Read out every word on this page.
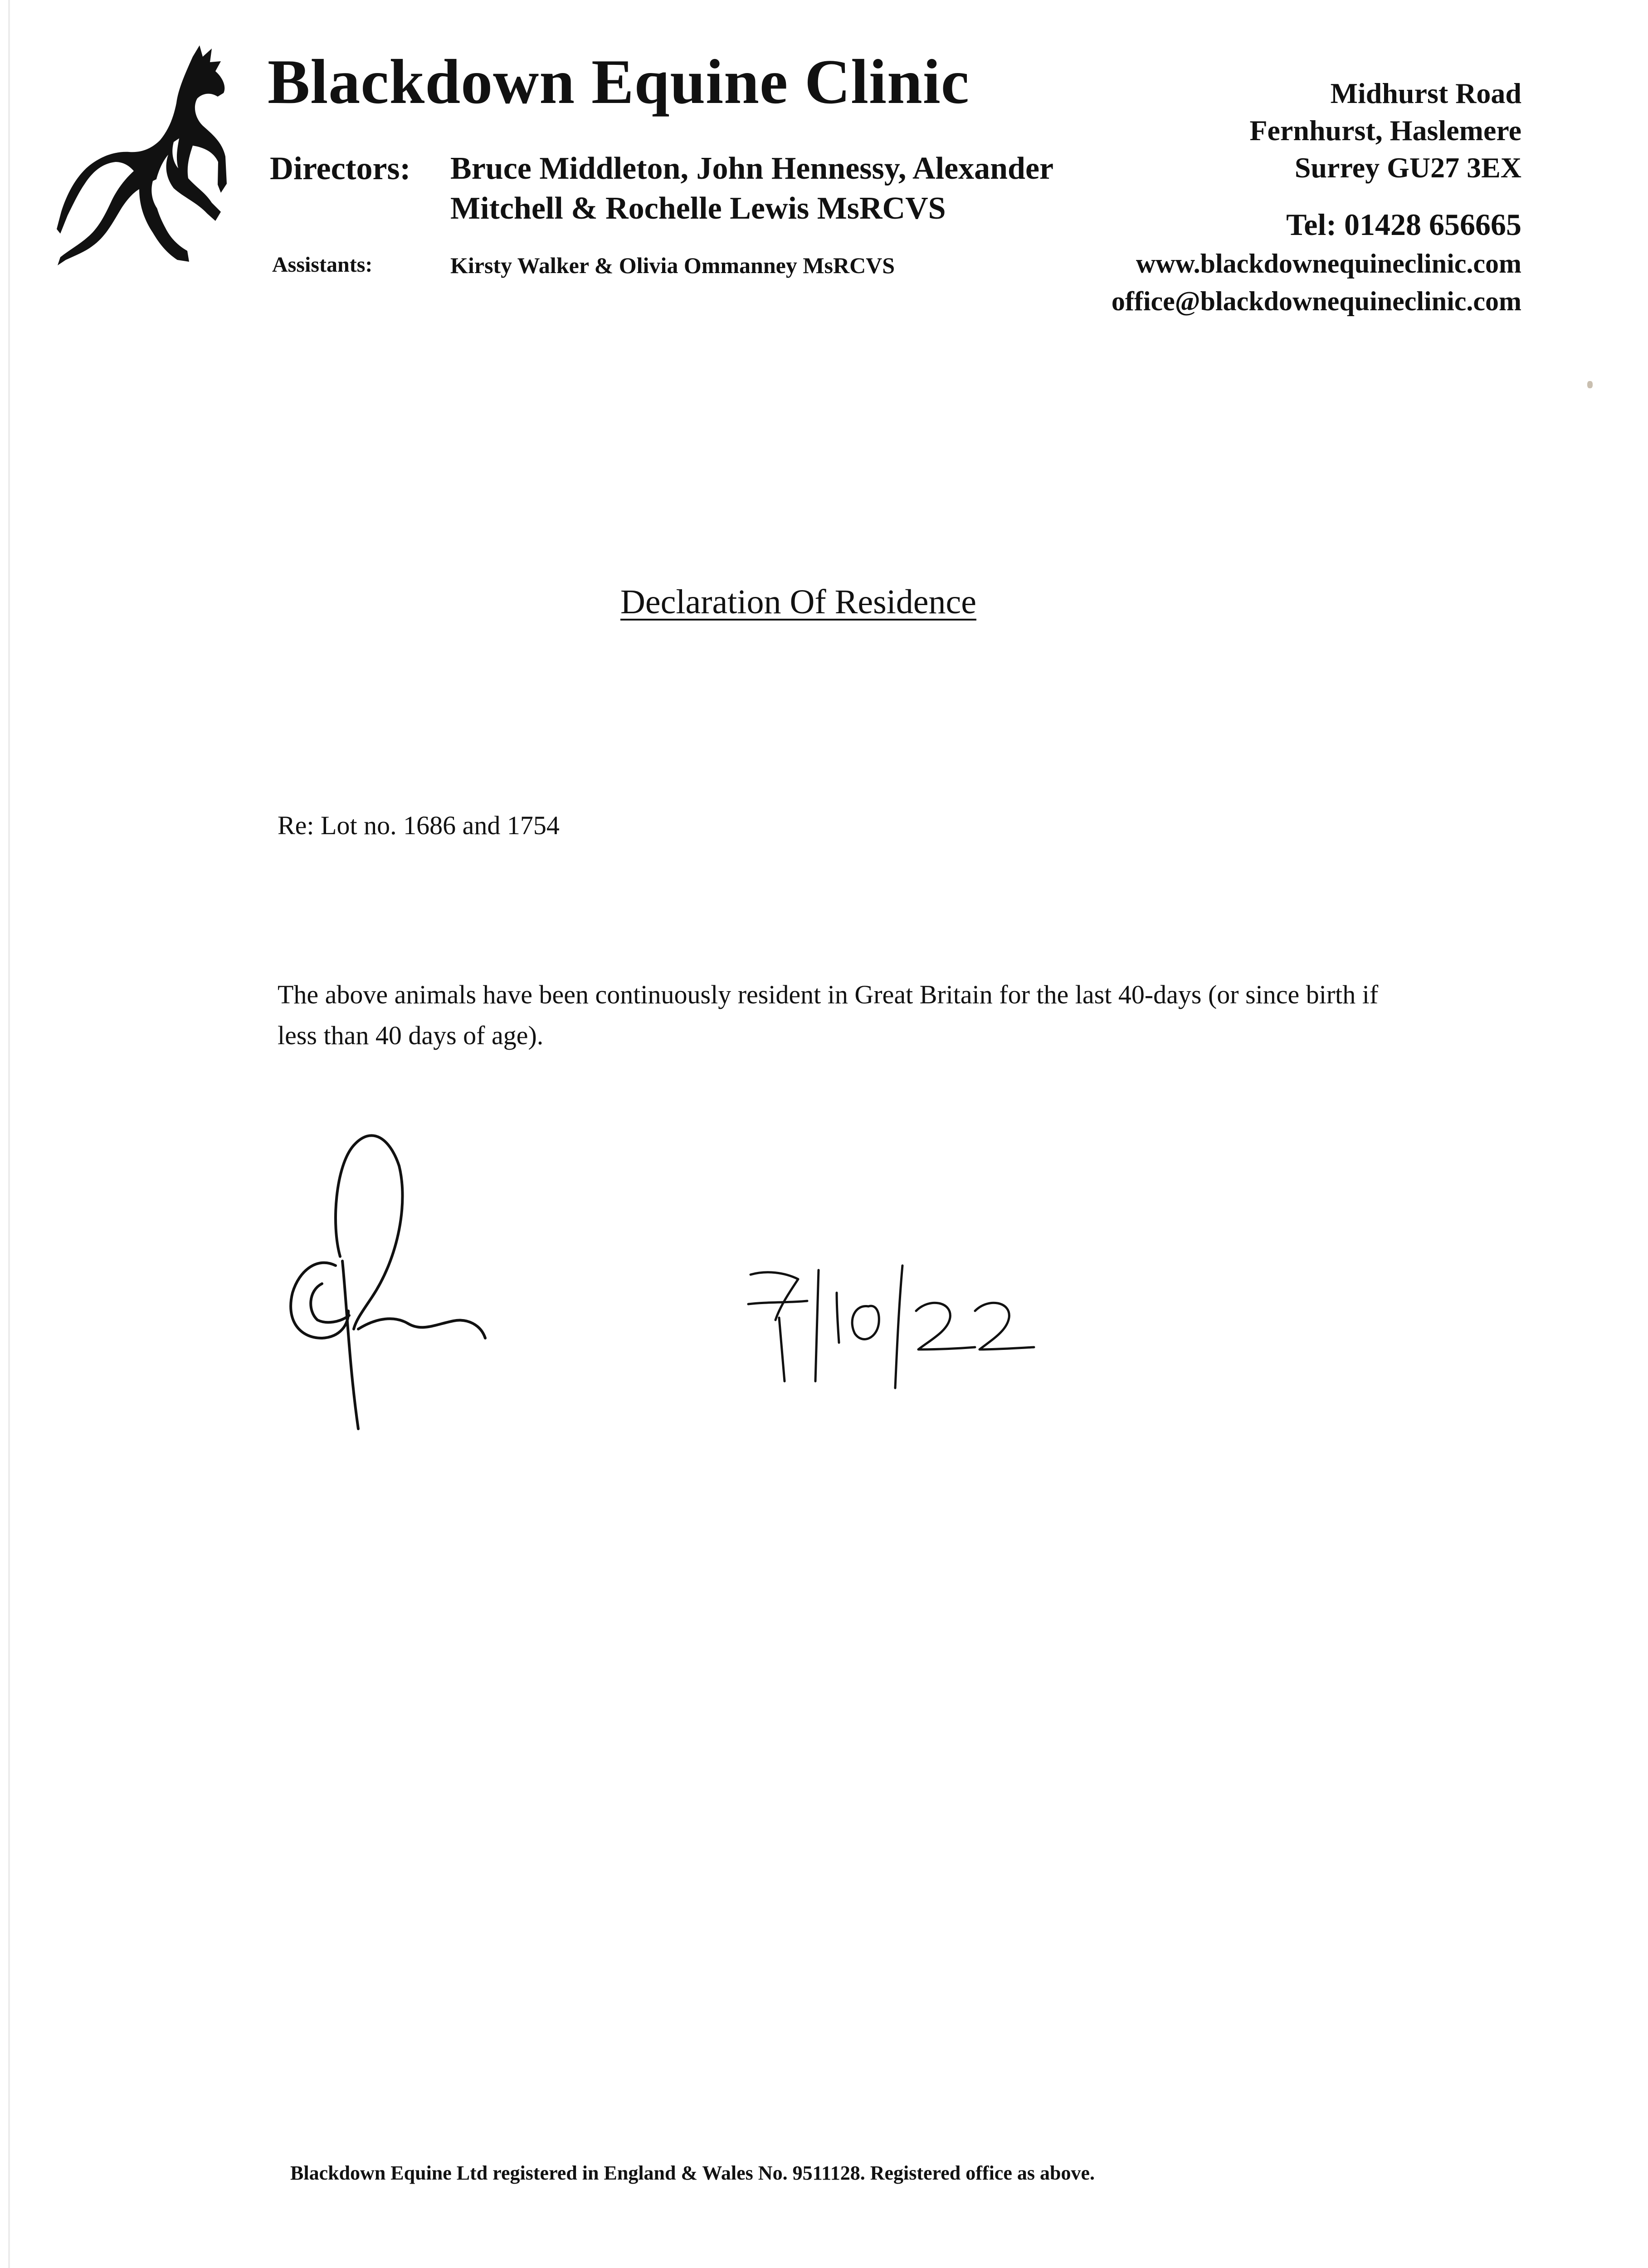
Blackdown Equine Clinic
Directors: Bruce Middleton, John Hennessy, Alexander
Mitchell & Rochelle Lewis MsRCVS
Assistants:	Kirsty Walker & Olivia Ommanney MsRCVS
Midhurst Road
Fernhurst, Haslemere
Surrey GU27 3EX
Tel: 01428 656665
www.blackdownequineclinic.com
office@blackdownequineclinic.com
Declaration Of Residence
Re: Lot no. 1686 and 1754
The above animals have been continuously resident in Great Britain for the last 40-days (or since birth if less than 40 days of age).
Blackdown Equine Ltd registered in England & Wales No. 9511128. Registered office as above.
